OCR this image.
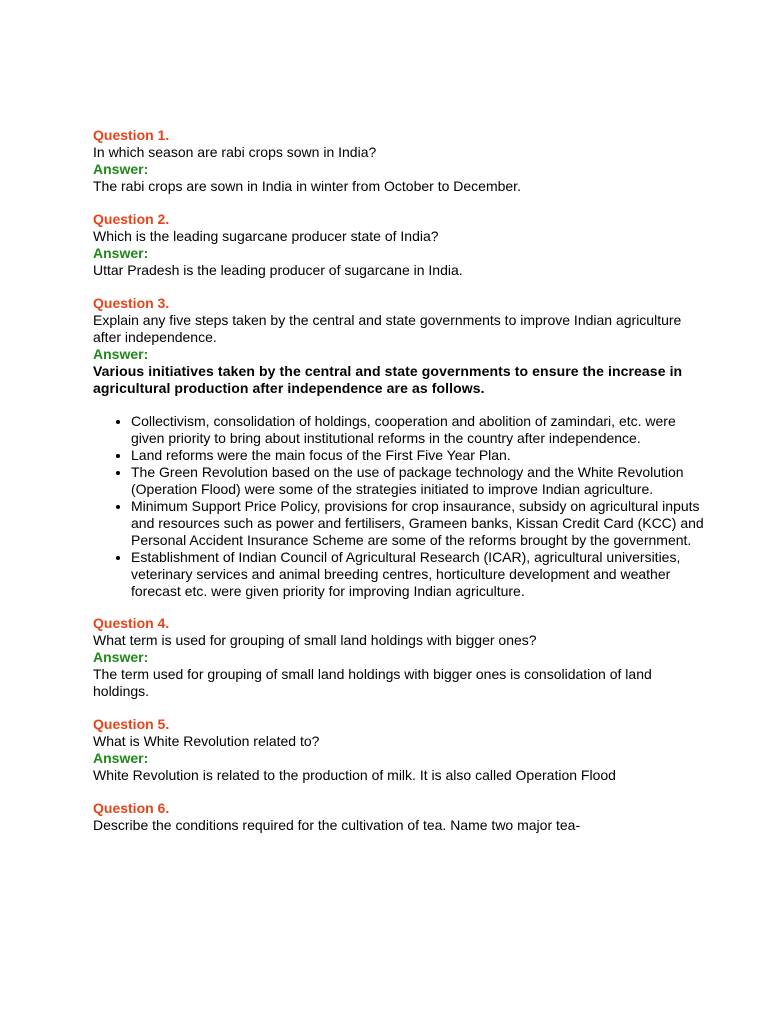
Question 1.
In which season are rabi crops sown in India?
Answer:
The rabi crops are sown in India in winter from October to December.
Question 2.
Which is the leading sugarcane producer state of India?
Answer:
Uttar Pradesh is the leading producer of sugarcane in India.
Question 3.
Explain any five steps taken by the central and state governments to improve Indian agriculture after independence.
Answer:
Various initiatives taken by the central and state governments to ensure the increase in agricultural production after independence are as follows.
• Collectivism, consolidation of holdings, cooperation and abolition of zamindari, etc. were given priority to bring about institutional reforms in the country after independence.
• Land reforms were the main focus of the First Five Year Plan.
• The Green Revolution based on the use of package technology and the White Revolution (Operation Flood) were some of the strategies initiated to improve Indian agriculture.
• Minimum Support Price Policy, provisions for crop insaurance, subsidy on agricultural inputs and resources such as power and fertilisers, Grameen banks, Kissan Credit Card (KCC) and Personal Accident Insurance Scheme are some of the reforms brought by the government.
• Establishment of Indian Council of Agricultural Research (ICAR), agricultural universities, veterinary services and animal breeding centres, horticulture development and weather forecast etc. were given priority for improving Indian agriculture.
Question 4.
What term is used for grouping of small land holdings with bigger ones?
Answer:
The term used for grouping of small land holdings with bigger ones is consolidation of land holdings.
Question 5.
What is White Revolution related to?
Answer:
White Revolution is related to the production of milk. It is also called Operation Flood
Question 6.
Describe the conditions required for the cultivation of tea. Name two major tea-
